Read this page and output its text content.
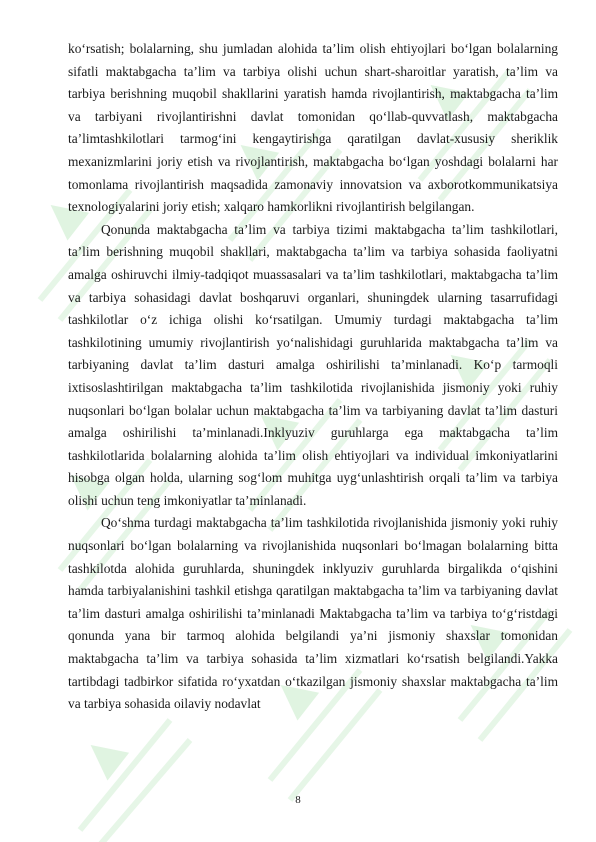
▲
▲
▲
▲
▲
▲
▲
▲
▲

ko‘rsatish; bolalarning, shu jumladan alohida ta’lim olish ehtiyojlari bo‘lgan bolalarning sifatli maktabgacha ta’lim va tarbiya olishi uchun shart-sharoitlar yaratish, ta’lim va tarbiya berishning muqobil shakllarini yaratish hamda rivojlantirish, maktabgacha ta’lim va tarbiyani rivojlantirishni davlat tomonidan qo‘llab-quvvatlash, maktabgacha ta’limtashkilotlari tarmog‘ini kengaytirishga qaratilgan davlat-xususiy sheriklik mexanizmlarini joriy etish va rivojlantirish, maktabgacha bo‘lgan yoshdagi bolalarni har tomonlama rivojlantirish maqsadida zamonaviy innovatsion va axborotkommunikatsiya texnologiyalarini joriy etish; xalqaro hamkorlikni rivojlantirish belgilangan.

Qonunda maktabgacha ta’lim va tarbiya tizimi maktabgacha ta’lim tashkilotlari, ta’lim berishning muqobil shakllari, maktabgacha ta’lim va tarbiya sohasida faoliyatni amalga oshiruvchi ilmiy-tadqiqot muassasalari va ta’lim tashkilotlari, maktabgacha ta’lim va tarbiya sohasidagi davlat boshqaruvi organlari, shuningdek ularning tasarrufidagi tashkilotlar o‘z ichiga olishi ko‘rsatilgan. Umumiy turdagi maktabgacha ta’lim tashkilotining umumiy rivojlantirish yo‘nalishidagi guruhlarida maktabgacha ta’lim va tarbiyaning davlat ta’lim dasturi amalga oshirilishi ta’minlanadi. Ko‘p tarmoqli ixtisoslashtirilgan maktabgacha ta’lim tashkilotida rivojlanishida jismoniy yoki ruhiy nuqsonlari bo‘lgan bolalar uchun maktabgacha ta’lim va tarbiyaning davlat ta’lim dasturi amalga oshirilishi ta’minlanadi.Inklyuziv guruhlarga ega maktabgacha ta’lim tashkilotlarida bolalarning alohida ta’lim olish ehtiyojlari va individual imkoniyatlarini hisobga olgan holda, ularning sog‘lom muhitga uyg‘unlashtirish orqali ta’lim va tarbiya olishi uchun teng imkoniyatlar ta’minlanadi.

Qo‘shma turdagi maktabgacha ta’lim tashkilotida rivojlanishida jismoniy yoki ruhiy nuqsonlari bo‘lgan bolalarning va rivojlanishida nuqsonlari bo‘lmagan bolalarning bitta tashkilotda alohida guruhlarda, shuningdek inklyuziv guruhlarda birgalikda o‘qishini hamda tarbiyalanishini tashkil etishga qaratilgan maktabgacha ta’lim va tarbiyaning davlat ta’lim dasturi amalga oshirilishi ta’minlanadi Maktabgacha ta’lim va tarbiya to‘g‘ristdagi qonunda yana bir tarmoq alohida belgilandi ya’ni jismoniy shaxslar tomonidan maktabgacha ta’lim va tarbiya sohasida ta’lim xizmatlari ko‘rsatish belgilandi.Yakka tartibdagi tadbirkor sifatida ro‘yxatdan o‘tkazilgan jismoniy shaxslar maktabgacha ta’lim va tarbiya sohasida oilaviy nodavlat

8
